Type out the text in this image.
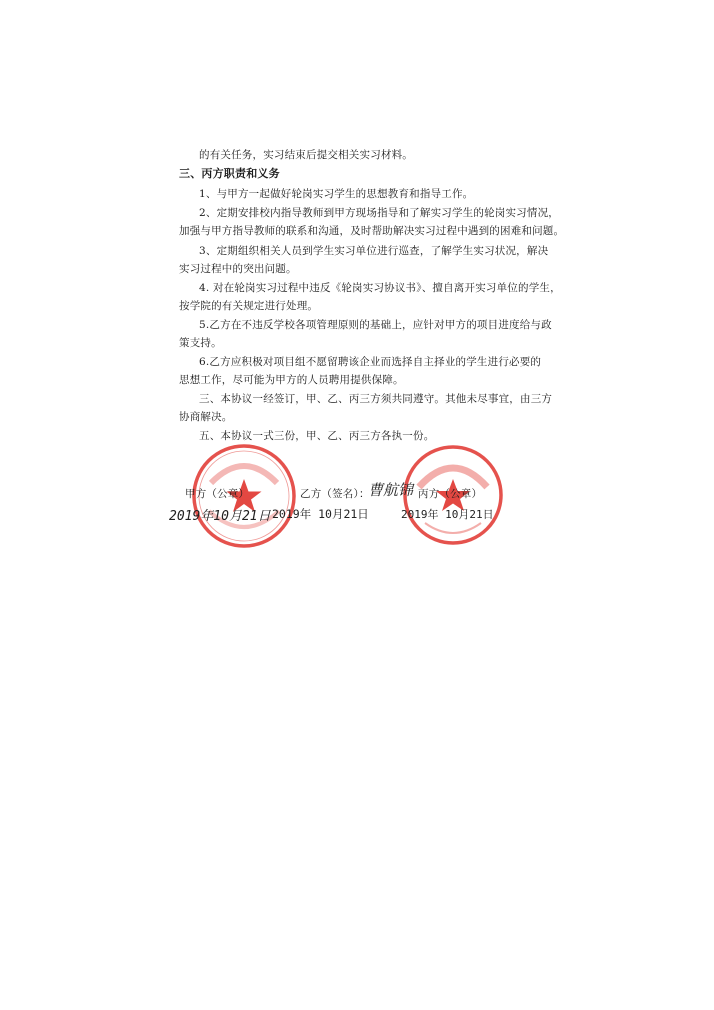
的有关任务，实习结束后提交相关实习材料。
三、丙方职责和义务
1、与甲方一起做好轮岗实习学生的思想教育和指导工作。
2、定期安排校内指导教师到甲方现场指导和了解实习学生的轮岗实习情况，
加强与甲方指导教师的联系和沟通，及时帮助解决实习过程中遇到的困难和问题。
3、定期组织相关人员到学生实习单位进行巡查，了解学生实习状况，解决
实习过程中的突出问题。
4. 对在轮岗实习过程中违反《轮岗实习协议书》、擅自离开实习单位的学生，
按学院的有关规定进行处理。
5.乙方在不违反学校各项管理原则的基础上，应针对甲方的项目进度给与政
策支持。
6.乙方应积极对项目组不愿留聘该企业而选择自主择业的学生进行必要的
思想工作，尽可能为甲方的人员聘用提供保障。
三、本协议一经签订，甲、乙、丙三方须共同遵守。其他未尽事宜，由三方
协商解决。
五、本协议一式三份，甲、乙、丙三方各执一份。
甲方（公章）	乙方（签名）：	丙方（公章）
曹航锦
2019年10月21日 2019年 10月21日	2019年 10月21日
